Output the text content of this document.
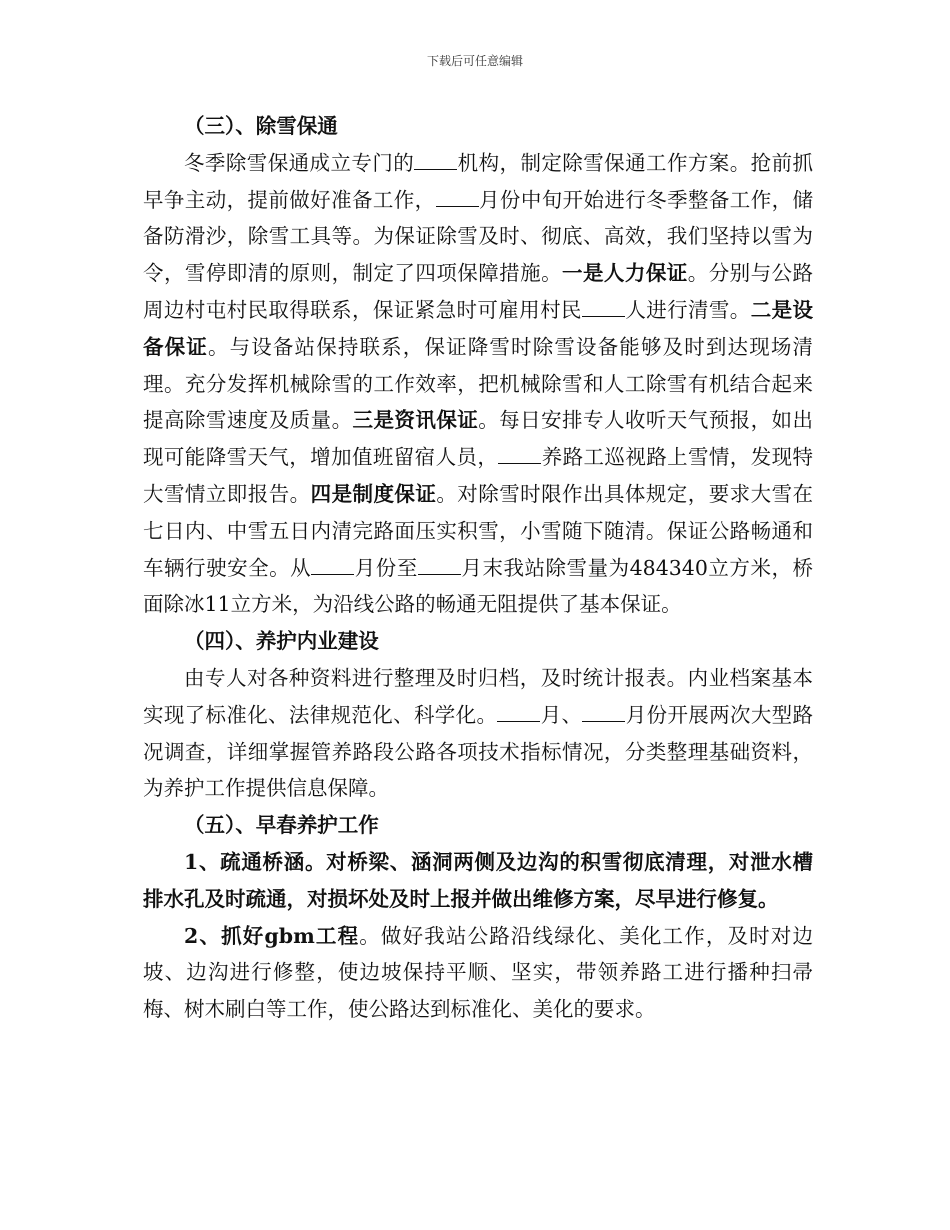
下载后可任意编辑

（三）、除雪保通

冬季除雪保通成立专门的 机构，制定除雪保通工作方案。抢前抓早争主动，提前做好准备工作， 月份中旬开始进行冬季整备工作，储备防滑沙，除雪工具等。为保证除雪及时、彻底、高效，我们坚持以雪为令，雪停即清的原则，制定了四项保障措施。一是人力保证。分别与公路周边村屯村民取得联系，保证紧急时可雇用村民 人进行清雪。二是设备保证。与设备站保持联系，保证降雪时除雪设备能够及时到达现场清理。充分发挥机械除雪的工作效率，把机械除雪和人工除雪有机结合起来提高除雪速度及质量。三是资讯保证。每日安排专人收听天气预报，如出现可能降雪天气，增加值班留宿人员， 养路工巡视路上雪情，发现特大雪情立即报告。四是制度保证。对除雪时限作出具体规定，要求大雪在七日内、中雪五日内清完路面压实积雪，小雪随下随清。保证公路畅通和车辆行驶安全。从 月份至 月末我站除雪量为484340立方米，桥面除冰11立方米，为沿线公路的畅通无阻提供了基本保证。

（四）、养护内业建设

由专人对各种资料进行整理及时归档，及时统计报表。内业档案基本实现了标准化、法律规范化、科学化。 月、 月份开展两次大型路况调查，详细掌握管养路段公路各项技术指标情况，分类整理基础资料，为养护工作提供信息保障。

（五）、早春养护工作

1、疏通桥涵。对桥梁、涵洞两侧及边沟的积雪彻底清理，对泄水槽排水孔及时疏通，对损坏处及时上报并做出维修方案，尽早进行修复。

2、抓好gbm工程。做好我站公路沿线绿化、美化工作，及时对边坡、边沟进行修整，使边坡保持平顺、坚实，带领养路工进行播种扫帚梅、树木刷白等工作，使公路达到标准化、美化的要求。
